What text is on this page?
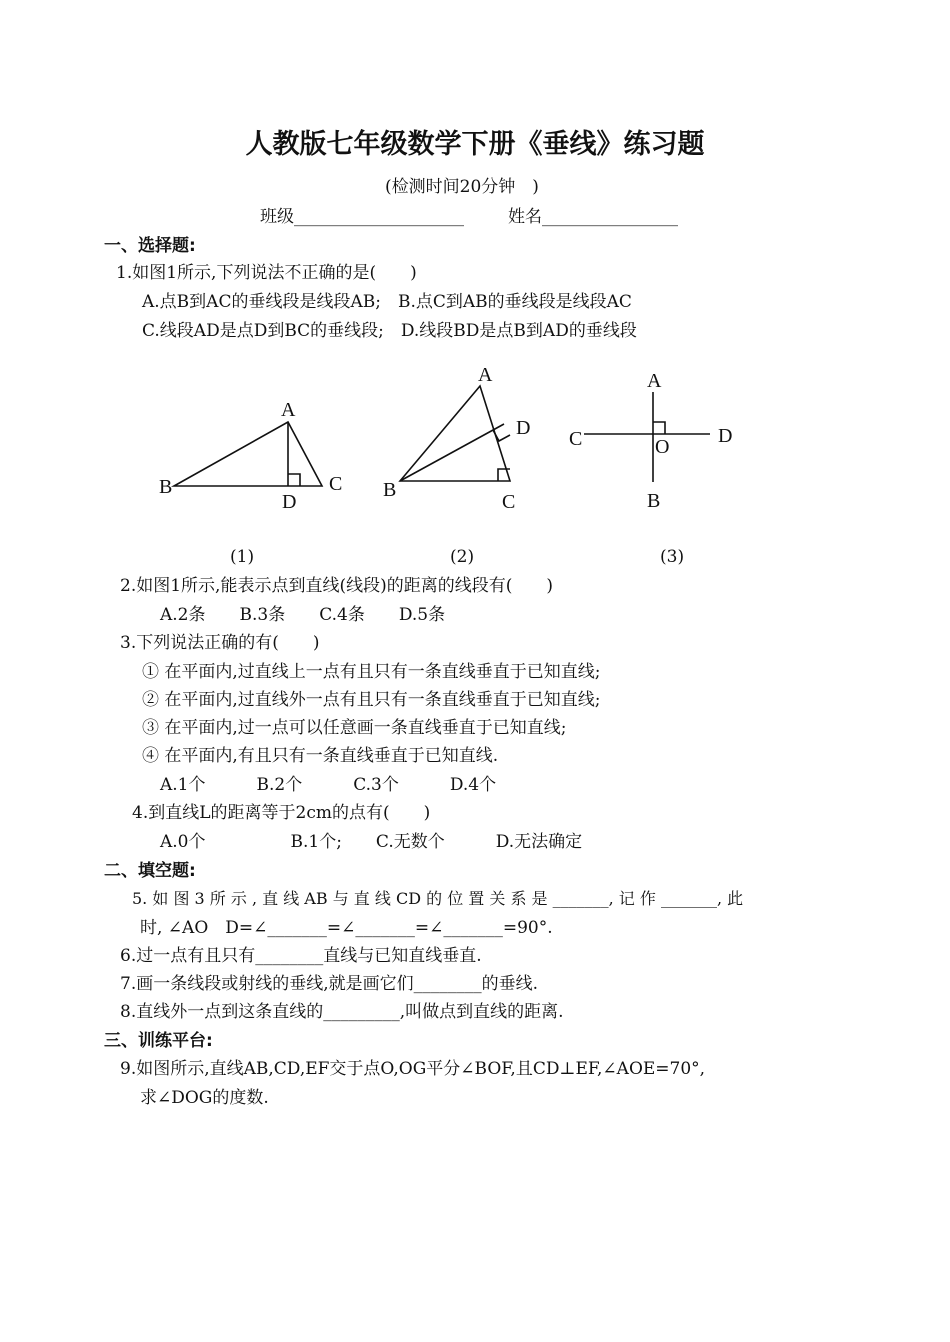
人教版七年级数学下册《垂线》练习题
(检测时间20分钟　)
班级____________________	姓名________________
一、选择题:
1.如图1所示,下列说法不正确的是(　　)
A.点B到AC的垂线段是线段AB;　B.点C到AB的垂线段是线段AC
C.线段AD是点D到BC的垂线段;　D.线段BD是点B到AD的垂线段
A
B	C
D
A
B
C
D
A
B
C	D
O
(1)	(2)	(3)
2.如图1所示,能表示点到直线(线段)的距离的线段有(　　)
A.2条　　B.3条　　C.4条　　D.5条
3.下列说法正确的有(　　)
① 在平面内,过直线上一点有且只有一条直线垂直于已知直线;
② 在平面内,过直线外一点有且只有一条直线垂直于已知直线;
③ 在平面内,过一点可以任意画一条直线垂直于已知直线;
④ 在平面内,有且只有一条直线垂直于已知直线.
A.1个　　　B.2个　　　C.3个　　　D.4个
4.到直线L的距离等于2cm的点有(　　)
A.0个　　　　　B.1个;　　C.无数个　　　D.无法确定
二、填空题:
5. 如 图 3 所 示 , 直 线 AB 与 直 线 CD 的 位 置 关 系 是 _______, 记 作 _______, 此
时, ∠AO　D=∠_______=∠_______=∠_______=90°.
6.过一点有且只有________直线与已知直线垂直.
7.画一条线段或射线的垂线,就是画它们________的垂线.
8.直线外一点到这条直线的_________,叫做点到直线的距离.
三、训练平台:
9.如图所示,直线AB,CD,EF交于点O,OG平分∠BOF,且CD⊥EF,∠AOE=70°,
求∠DOG的度数.
